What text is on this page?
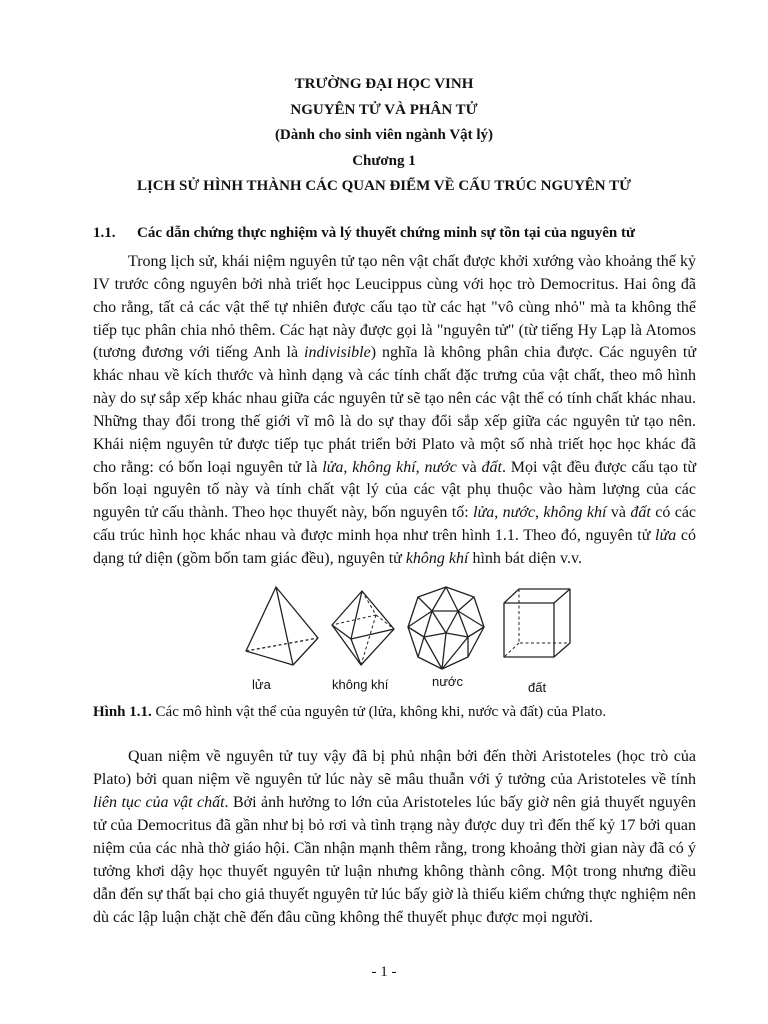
TRƯỜNG ĐẠI HỌC VINH
NGUYÊN TỬ VÀ PHÂN TỬ
(Dành cho sinh viên ngành Vật lý)
Chương 1
LỊCH SỬ HÌNH THÀNH CÁC QUAN ĐIỂM VỀ CẤU TRÚC NGUYÊN TỬ
1.1. Các dẫn chứng thực nghiệm và lý thuyết chứng minh sự tồn tại của nguyên tử
Trong lịch sử, khái niệm nguyên tử tạo nên vật chất được khởi xướng vào khoảng thế kỷ IV trước công nguyên bởi nhà triết học Leucippus cùng với học trò Democritus. Hai ông đã cho rằng, tất cả các vật thể tự nhiên được cấu tạo từ các hạt "vô cùng nhỏ" mà ta không thể tiếp tục phân chia nhỏ thêm. Các hạt này được gọi là "nguyên tử" (từ tiếng Hy Lạp là Atomos (tương đương với tiếng Anh là indivisible) nghĩa là không phân chia được. Các nguyên tử khác nhau về kích thước và hình dạng và các tính chất đặc trưng của vật chất, theo mô hình này do sự sắp xếp khác nhau giữa các nguyên tử sẽ tạo nên các vật thể có tính chất khác nhau. Những thay đổi trong thế giới vĩ mô là do sự thay đổi sắp xếp giữa các nguyên tử tạo nên. Khái niệm nguyên tử được tiếp tục phát triển bởi Plato và một số nhà triết học học khác đã cho rằng: có bốn loại nguyên tử là lửa, không khí, nước và đất. Mọi vật đều được cấu tạo từ bốn loại nguyên tố này và tính chất vật lý của các vật phụ thuộc vào hàm lượng của các nguyên tử cấu thành. Theo học thuyết này, bốn nguyên tố: lửa, nước, không khí và đất có các cấu trúc hình học khác nhau và được minh họa như trên hình 1.1. Theo đó, nguyên tử lửa có dạng tứ diện (gồm bốn tam giác đều), nguyên tử không khí hình bát diện v.v.
lửa	không khí	nước	đất
Hình 1.1. Các mô hình vật thể của nguyên tử (lửa, không khi, nước và đất) của Plato.
Quan niệm về nguyên tử tuy vậy đã bị phủ nhận bởi đến thời Aristoteles (học trò của Plato) bởi quan niệm về nguyên tử lúc này sẽ mâu thuẫn với ý tưởng của Aristoteles về tính liên tục của vật chất. Bởi ảnh hưởng to lớn của Aristoteles lúc bấy giờ nên giả thuyết nguyên tử của Democritus đã gần như bị bỏ rơi và tình trạng này được duy trì đến thế kỷ 17 bởi quan niệm của các nhà thờ giáo hội. Cần nhận mạnh thêm rằng, trong khoảng thời gian này đã có ý tưởng khơi dậy học thuyết nguyên tử luận nhưng không thành công. Một trong nhưng điều dẫn đến sự thất bại cho giả thuyết nguyên tử lúc bấy giờ là thiếu kiểm chứng thực nghiệm nên dù các lập luận chặt chẽ đến đâu cũng không thể thuyết phục được mọi người.
- 1 -
